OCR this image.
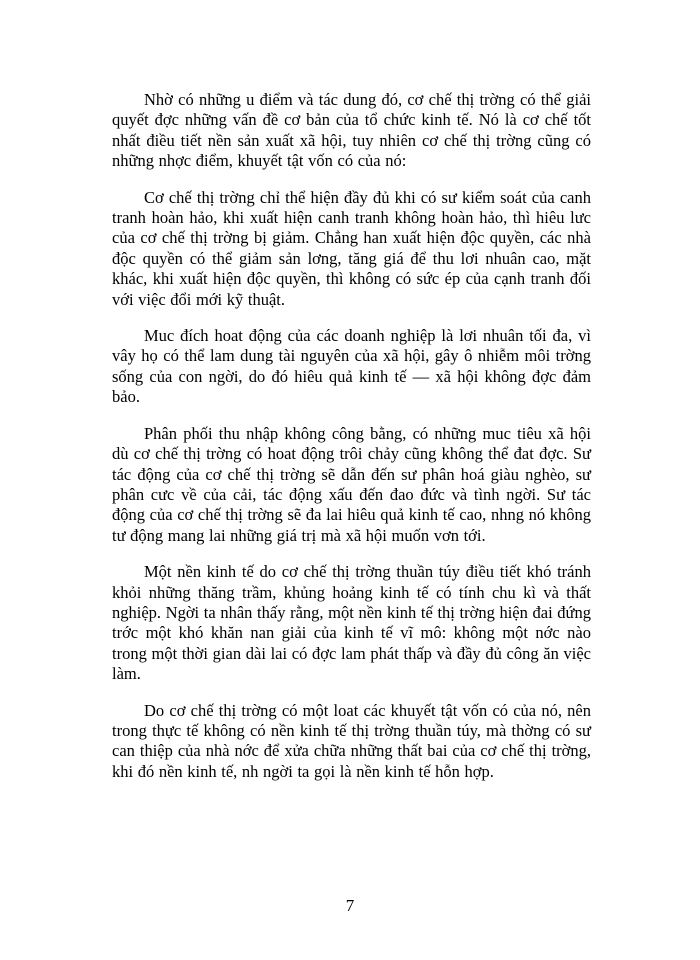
Nhờ có những u điểm và tác dung đó, cơ chế thị trờng có thể giải quyết đợc những vấn đề cơ bản của tổ chức kinh tế. Nó là cơ chế tốt nhất điều tiết nền sản xuất xã hội, tuy nhiên cơ chế thị trờng cũng có những nhợc điểm, khuyết tật vốn có của nó:

Cơ chế thị trờng chỉ thể hiện đầy đủ khi có sư kiểm soát của canh tranh hoàn hảo, khi xuất hiện canh tranh không hoàn hảo, thì hiêu lưc của cơ chế thị trờng bị giảm. Chẳng han xuất hiện độc quyền, các nhà độc quyền có thể giảm sản lơng, tăng giá để thu lơi nhuân cao, mặt khác, khi xuất hiện độc quyền, thì không có sức ép của cạnh tranh đối với việc đổi mới kỹ thuật.

Muc đích hoat động của các doanh nghiệp là lơi nhuân tối đa, vì vây họ có thể lam dung tài nguyên của xã hội, gây ô nhiễm môi trờng sống của con ngời, do đó hiêu quả kinh tế — xã hội không đợc đảm bảo.

Phân phối thu nhập không công bằng, có những muc tiêu xã hội dù cơ chế thị trờng có hoat động trôi chảy cũng không thể đat đợc. Sư tác động của cơ chế thị trờng sẽ dẫn đến sư phân hoá giàu nghèo, sư phân cưc về của cải, tác động xấu đến đao đức và tình ngời. Sư tác động của cơ chế thị trờng sẽ đa lai hiêu quả kinh tế cao, nhng nó không tư động mang lai những giá trị mà xã hội muốn vơn tới.

Một nền kinh tế do cơ chế thị trờng thuần túy điều tiết khó tránh khỏi những thăng trầm, khủng hoảng kinh tế có tính chu kì và thất nghiệp. Ngời ta nhân thấy rằng, một nền kinh tế thị trờng hiện đai đứng trớc một khó khăn nan giải của kinh tế vĩ mô: không một nớc nào trong một thời gian dài lai có đợc lam phát thấp và đầy đủ công ăn việc làm.

Do cơ chế thị trờng có một loat các khuyết tật vốn có của nó, nên trong thực tế không có nền kinh tế thị trờng thuần túy, mà thờng có sư can thiệp của nhà nớc để xửa chữa những thất bai của cơ chế thị trờng, khi đó nền kinh tế, nh ngời ta gọi là nền kinh tế hỗn hợp.

7
